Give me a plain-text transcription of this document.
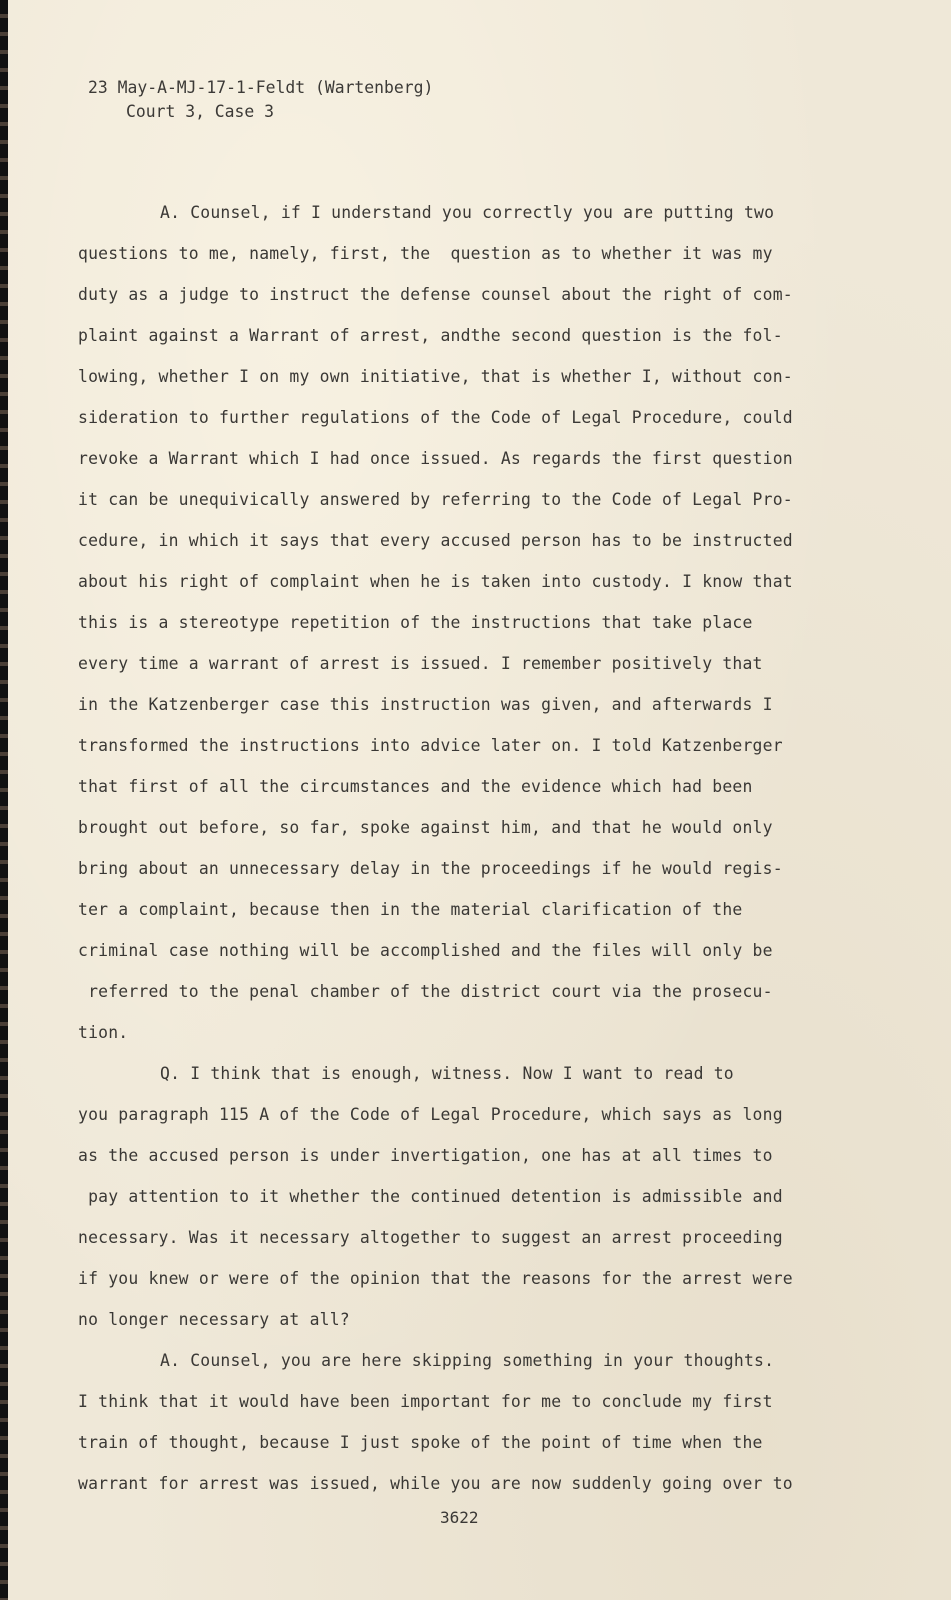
23 May-A-MJ-17-1-Feldt (Wartenberg)
Court 3, Case 3
A. Counsel, if I understand you correctly you are putting two
questions to me, namely, first, the  question as to whether it was my
duty as a judge to instruct the defense counsel about the right of com-
plaint against a Warrant of arrest, andthe second question is the fol-
lowing, whether I on my own initiative, that is whether I, without con-
sideration to further regulations of the Code of Legal Procedure, could
revoke a Warrant which I had once issued. As regards the first question
it can be unequivically answered by referring to the Code of Legal Pro-
cedure, in which it says that every accused person has to be instructed
about his right of complaint when he is taken into custody. I know that
this is a stereotype repetition of the instructions that take place
every time a warrant of arrest is issued. I remember positively that
in the Katzenberger case this instruction was given, and afterwards I
transformed the instructions into advice later on. I told Katzenberger
that first of all the circumstances and the evidence which had been
brought out before, so far, spoke against him, and that he would only
bring about an unnecessary delay in the proceedings if he would regis-
ter a complaint, because then in the material clarification of the
criminal case nothing will be accomplished and the files will only be
referred to the penal chamber of the district court via the prosecu-
tion.
Q. I think that is enough, witness. Now I want to read to
you paragraph 115 A of the Code of Legal Procedure, which says as long
as the accused person is under invertigation, one has at all times to
pay attention to it whether the continued detention is admissible and
necessary. Was it necessary altogether to suggest an arrest proceeding
if you knew or were of the opinion that the reasons for the arrest were
no longer necessary at all?
A. Counsel, you are here skipping something in your thoughts.
I think that it would have been important for me to conclude my first
train of thought, because I just spoke of the point of time when the
warrant for arrest was issued, while you are now suddenly going over to
3622
